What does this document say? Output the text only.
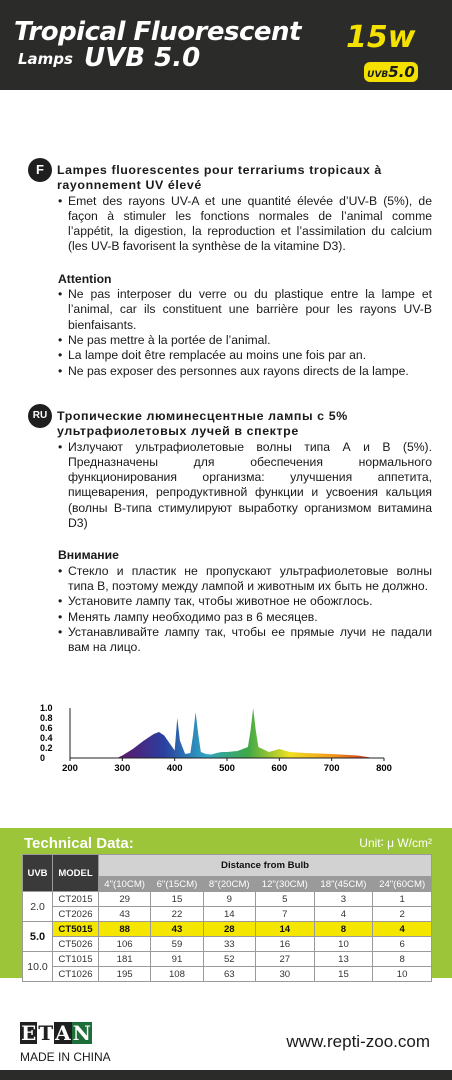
Tropical Fluorescent
Lamps UVB 5.0
15w
UVB5.0
F	Lampes fluorescentes pour terrariums tropicaux à
rayonnement UV élevé
• Emet des rayons UV-A et une quantité élevée d’UV-B (5%), de façon à stimuler les fonctions normales de l’animal comme l’appétit, la digestion, la reproduction et l’assimilation du calcium (les UV-B favorisent la synthèse de la vitamine D3).
Attention
• Ne pas interposer du verre ou du plastique entre la lampe et l’animal, car ils constituent une barrière pour les rayons UV-B bienfaisants.
• Ne pas mettre à la portée de l’animal.
• La lampe doit être remplacée au moins une fois par an.
• Ne pas exposer des personnes aux rayons directs de la lampe.
RU Тропические люминесцентные лампы с 5%
ультрафиолетовых лучей в спектре
• Излучают ультрафиолетовые волны типа А и В (5%). Предназначены для обеспечения нормального функционирования организма: улучшения аппетита, пищеварения, репродуктивной функции и усвоения кальция (волны В-типа стимулируют выработку организмом витамина D3)
Внимание
• Стекло и пластик не пропускают ультрафиолетовые волны типа В, поэтому между лампой и животным их быть не должно.
• Установите лампу так, чтобы животное не обожглось.
• Менять лампу необходимо раз в 6 месяцев.
• Устанавливайте лампу так, чтобы ее прямые лучи не падали вам на лицо.
0
0.2
0.4
0.6
0.8
1.0
200	300	400	500	600	700	800
Technical Data:	Unit∶ μ W/cm²
UVB	MODEL	Distance from Bulb					
		4"(10CM)	6"(15CM)	8"(20CM)	12"(30CM)	18"(45CM)	24"(60CM)
2.0	CT2015	29	15	9	5	3	1
	CT2026	43	22	14	7	4	2
5.0	CT5015	88	43	28	14	8	4
	CT5026	106	59	33	16	10	6
10.0	CT1015	181	91	52	27	13	8
	CT1026	195	108	63	30	15	10
E T A N
MADE IN CHINA
www.repti-zoo.com
